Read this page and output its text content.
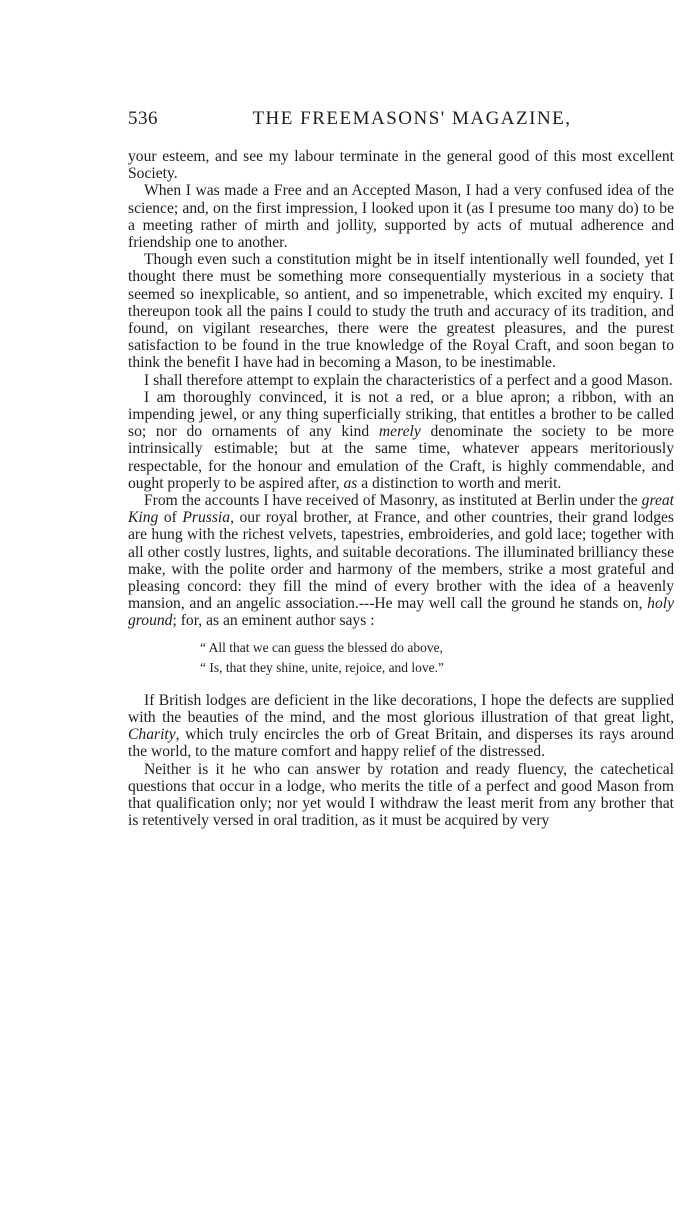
536	THE FREEMASONS' MAGAZINE,

your esteem, and see my labour terminate in the general good of this most excellent Society.

When I was made a Free and an Accepted Mason, I had a very confused idea of the science; and, on the first impression, I looked upon it (as I presume too many do) to be a meeting rather of mirth and jollity, supported by acts of mutual adherence and friendship one to another.

Though even such a constitution might be in itself intentionally well founded, yet I thought there must be something more consequentially mysterious in a society that seemed so inexplicable, so antient, and so impenetrable, which excited my enquiry. I thereupon took all the pains I could to study the truth and accuracy of its tradition, and found, on vigilant researches, there were the greatest pleasures, and the purest satisfaction to be found in the true knowledge of the Royal Craft, and soon began to think the benefit I have had in becoming a Mason, to be inestimable.

I shall therefore attempt to explain the characteristics of a perfect and a good Mason.

I am thoroughly convinced, it is not a red, or a blue apron; a ribbon, with an impending jewel, or any thing superficially striking, that entitles a brother to be called so; nor do ornaments of any kind merely denominate the society to be more intrinsically estimable; but at the same time, whatever appears meritoriously respectable, for the honour and emulation of the Craft, is highly commendable, and ought properly to be aspired after, as a distinction to worth and merit.

From the accounts I have received of Masonry, as instituted at Berlin under the great King of Prussia, our royal brother, at France, and other countries, their grand lodges are hung with the richest velvets, tapestries, embroideries, and gold lace; together with all other costly lustres, lights, and suitable decorations. The illuminated brilliancy these make, with the polite order and harmony of the members, strike a most grateful and pleasing concord: they fill the mind of every brother with the idea of a heavenly mansion, and an angelic association.---He may well call the ground he stands on, holy ground; for, as an eminent author says :

“ All that we can guess the blessed do above,
“ Is, that they shine, unite, rejoice, and love.”

If British lodges are deficient in the like decorations, I hope the defects are supplied with the beauties of the mind, and the most glorious illustration of that great light, Charity, which truly encircles the orb of Great Britain, and disperses its rays around the world, to the mature comfort and happy relief of the distressed.

Neither is it he who can answer by rotation and ready fluency, the catechetical questions that occur in a lodge, who merits the title of a perfect and good Mason from that qualification only; nor yet would I withdraw the least merit from any brother that is retentively versed in oral tradition, as it must be acquired by very
